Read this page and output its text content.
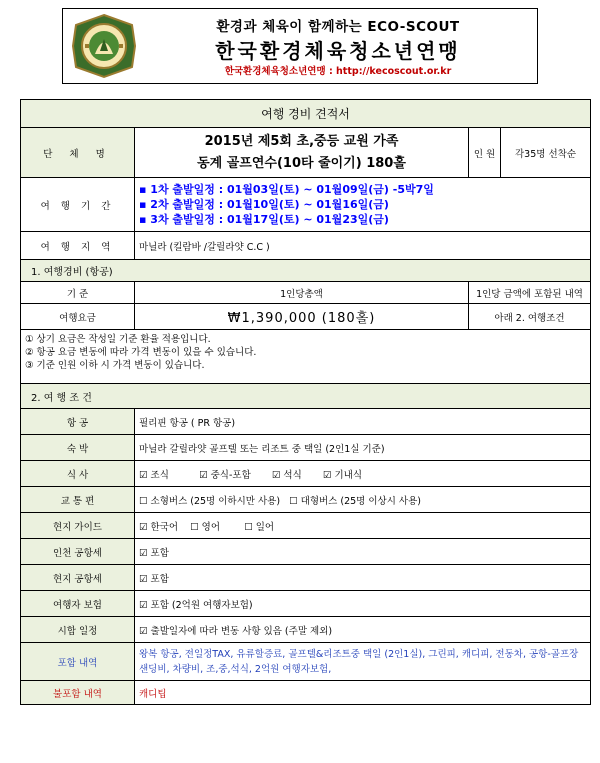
환경과 체육이 함께하는 ECO-SCOUT
한국환경체육청소년연맹
한국환경체육청소년연맹 : http://kecoscout.or.kr
여행 경비 견적서			
단 체 명	2015년 제5회 초,중등 교원 가족
동계 골프연수(10타 줄이기) 180홀	인 원	각35명 선착순
여 행 기 간	▪ 1차 출발일정 : 01월03일(토) ~ 01월09일(금) -5박7일
▪ 2차 출발일정 : 01월10일(토) ~ 01월16일(금)
▪ 3차 출발일정 : 01월17일(토) ~ 01월23일(금)		

여 행 지 역	마닐라 (킬람바 /갈릴라얏 C.C )		
1. 여행경비 (항공)			
기 준	1인당총액	1인당 금액에 포함된 내역	
여행요금	₩1,390,000 (180홀)	아래 2. 여행조건	

① 상기 요금은 작성일 기준 환율 적용입니다.
② 항공 요금 변동에 따라 가격 변동이 있을 수 있습니다.
③ 기준 인원 이하 시 가격 변동이 있습니다.			

2. 여 행 조 건			
항 공	필리핀 항공 ( PR 항공)		
숙 박	마닐라 갈릴라얏 골프텔 또는 리조트 중 택일 (2인1실 기준)		
식 사	☑ 조식          ☑ 중식-포함       ☑ 석식       ☑ 기내식		
교 통 편	☐ 소형버스 (25명 이하시만 사용)   ☐ 대형버스 (25명 이상시 사용)		
현지 가이드	☑ 한국어    ☐ 영어        ☐ 일어		
인천 공항세	☑ 포함		
현지 공항세	☑ 포함		
여행자 보험	☑ 포함 (2억원 여행자보험)		
시합 일정	☑ 출발일자에 따라 변동 사항 있음 (주말 제외)		
포함 내역	왕복 항공, 전일정TAX, 유류할증료, 골프텔&리조트중 택일 (2인1실), 그린피, 캐디피, 전동차, 공항-골프장샌딩비, 차량비, 조,중,석식, 2억원 여행자보험,		
불포함 내역	캐디팁		
